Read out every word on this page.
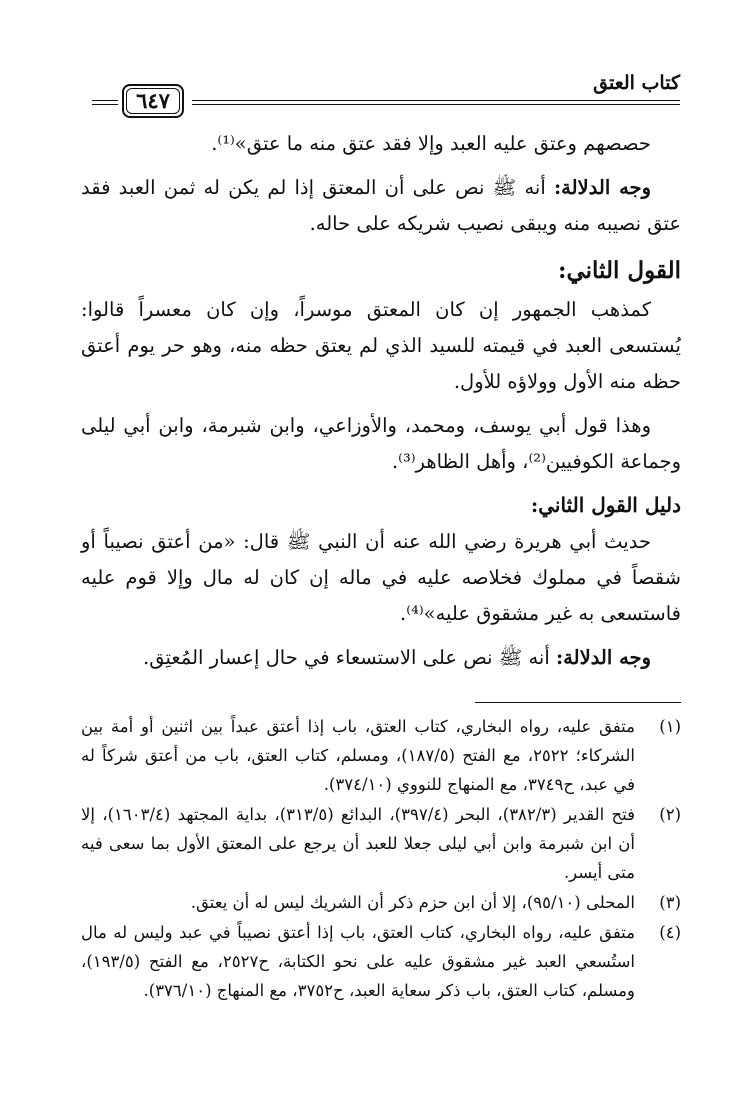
كتاب العتق
٦٤٧

حصصهم وعتق عليه العبد وإلا فقد عتق منه ما عتق»⁽¹⁾.

وجه الدلالة: أنه ﷺ نص على أن المعتق إذا لم يكن له ثمن العبد فقد عتق نصيبه منه ويبقى نصيب شريكه على حاله.

القول الثاني:

كمذهب الجمهور إن كان المعتق موسراً، وإن كان معسراً قالوا: يُستسعى العبد في قيمته للسيد الذي لم يعتق حظه منه، وهو حر يوم أعتق حظه منه الأول وولاؤه للأول.

وهذا قول أبي يوسف، ومحمد، والأوزاعي، وابن شبرمة، وابن أبي ليلى وجماعة الكوفيين⁽²⁾، وأهل الظاهر⁽³⁾.

دليل القول الثاني:

حديث أبي هريرة رضي الله عنه أن النبي ﷺ قال: «من أعتق نصيباً أو شقصاً في مملوك فخلاصه عليه في ماله إن كان له مال وإلا قوم عليه فاستسعى به غير مشقوق عليه»⁽⁴⁾.

وجه الدلالة: أنه ﷺ نص على الاستسعاء في حال إعسار المُعتِق.

(١)
متفق عليه، رواه البخاري، كتاب العتق، باب إذا أعتق عبداً بين اثنين أو أمة بين الشركاء؛ ٢٥٢٢، مع الفتح (١٨٧/٥)، ومسلم، كتاب العتق، باب من أعتق شركاً له في عبد، ح٣٧٤٩، مع المنهاج للنووي (٣٧٤/١٠).
(٢)
فتح القدير (٣٨٢/٣)، البحر (٣٩٧/٤)، البدائع (٣١٣/٥)، بداية المجتهد (١٦٠٣/٤)، إلا أن ابن شبرمة وابن أبي ليلى جعلا للعبد أن يرجع على المعتق الأول بما سعى فيه متى أيسر.
(٣)
المحلى (٩٥/١٠)، إلا أن ابن حزم ذكر أن الشريك ليس له أن يعتق.
(٤)
متفق عليه، رواه البخاري، كتاب العتق، باب إذا أعتق نصيباً في عبد وليس له مال استُسعي العبد غير مشقوق عليه على نحو الكتابة، ح٢٥٢٧، مع الفتح (١٩٣/٥)، ومسلم، كتاب العتق، باب ذكر سعاية العبد، ح٣٧٥٢، مع المنهاج (٣٧٦/١٠).
